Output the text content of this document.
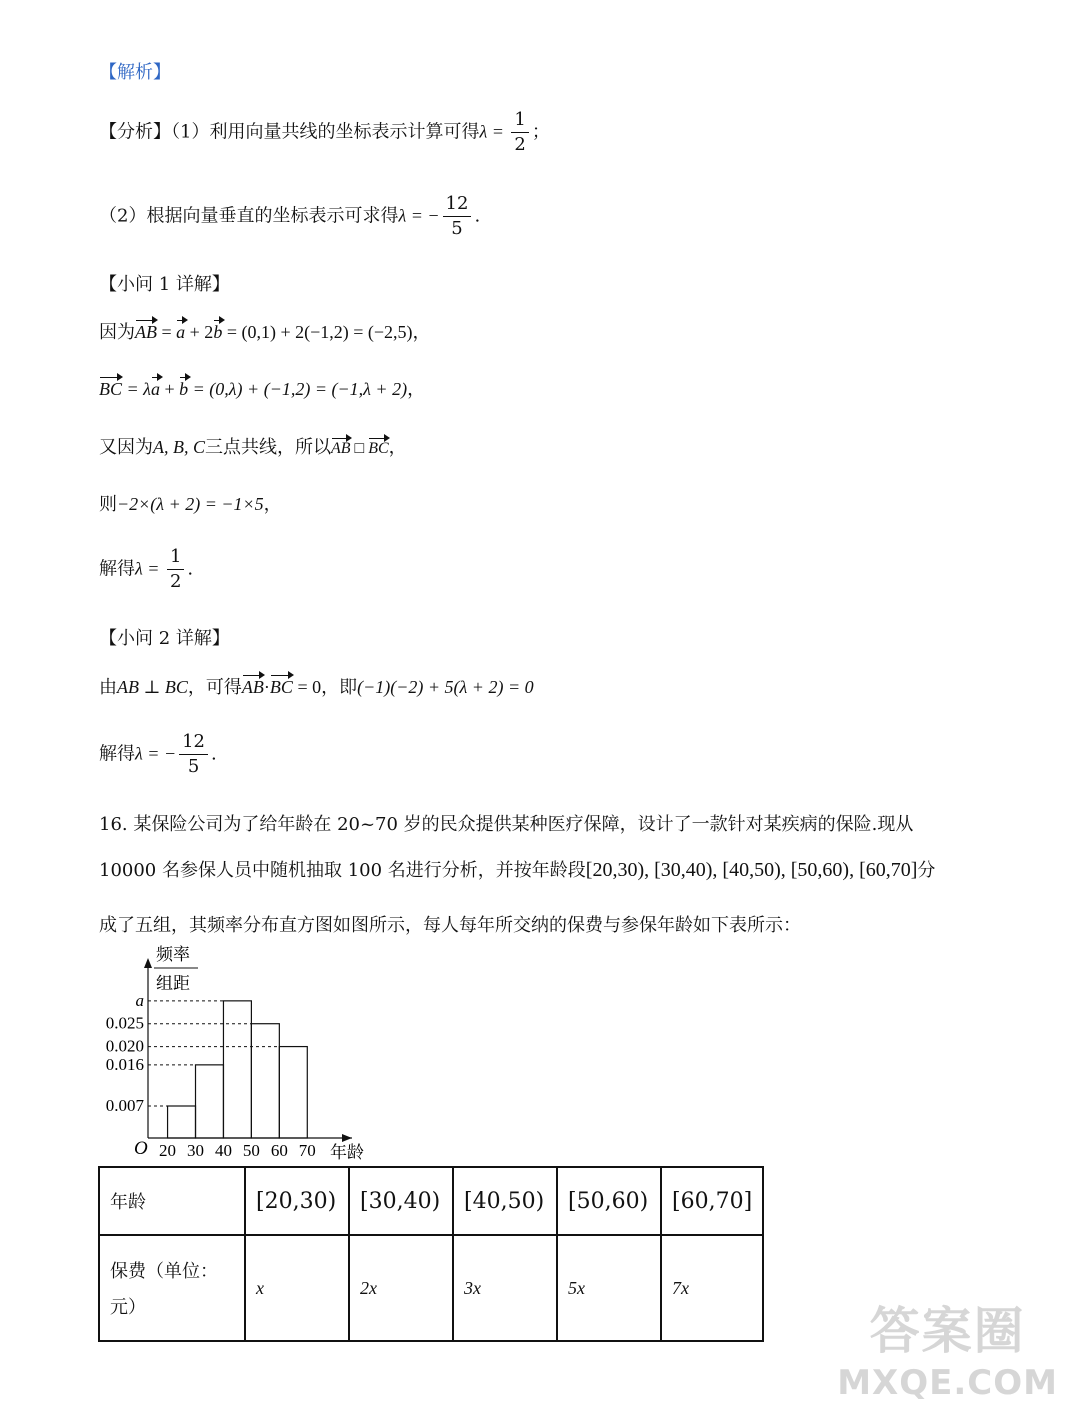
【解析】
【分析】（1）利用向量共线的坐标表示计算可得$\lambda = \frac{1}{2}$ ；
（2）根据向量垂直的坐标表示可求得λ = − $\frac{12}{5}$ .
【小问 1 详解】
因为AB = a + 2b = (0,1) + 2(−1,2) = (−2,5)，
BC = λa + b = (0,λ) + (−1,2) = (−1,λ + 2)，
又因为A, B, C三点共线，所以AB □ BC，
则−2×(λ + 2) = −1×5，
解得$\lambda = \frac{1}{2}$ .
【小问 2 详解】
由AB ⊥ BC，可得AB·BC = 0，即(−1)(−2) + 5(λ + 2) = 0
解得λ = − $\frac{12}{5}$ .
16. 某保险公司为了给年龄在 20~70 岁的民众提供某种医疗保障，设计了一款针对某疾病的保险.现从
10000 名参保人员中随机抽取 100 名进行分析，并按年龄段[20,30), [30,40), [40,50), [50,60), [60,70]分
成了五组，其频率分布直方图如图所示，每人每年所交纳的保费与参保年龄如下表所示：
频率
组距
0.007
0.016
0.020
0.025
a
20 30 40 50 60 70
O	年龄
年龄	[20,30)	[30,40)	[40,50)	[50,60)	[60,70]

保费（单位：
元）	x	2x	3x	5x	7x
答案圈
MXQE.COM
